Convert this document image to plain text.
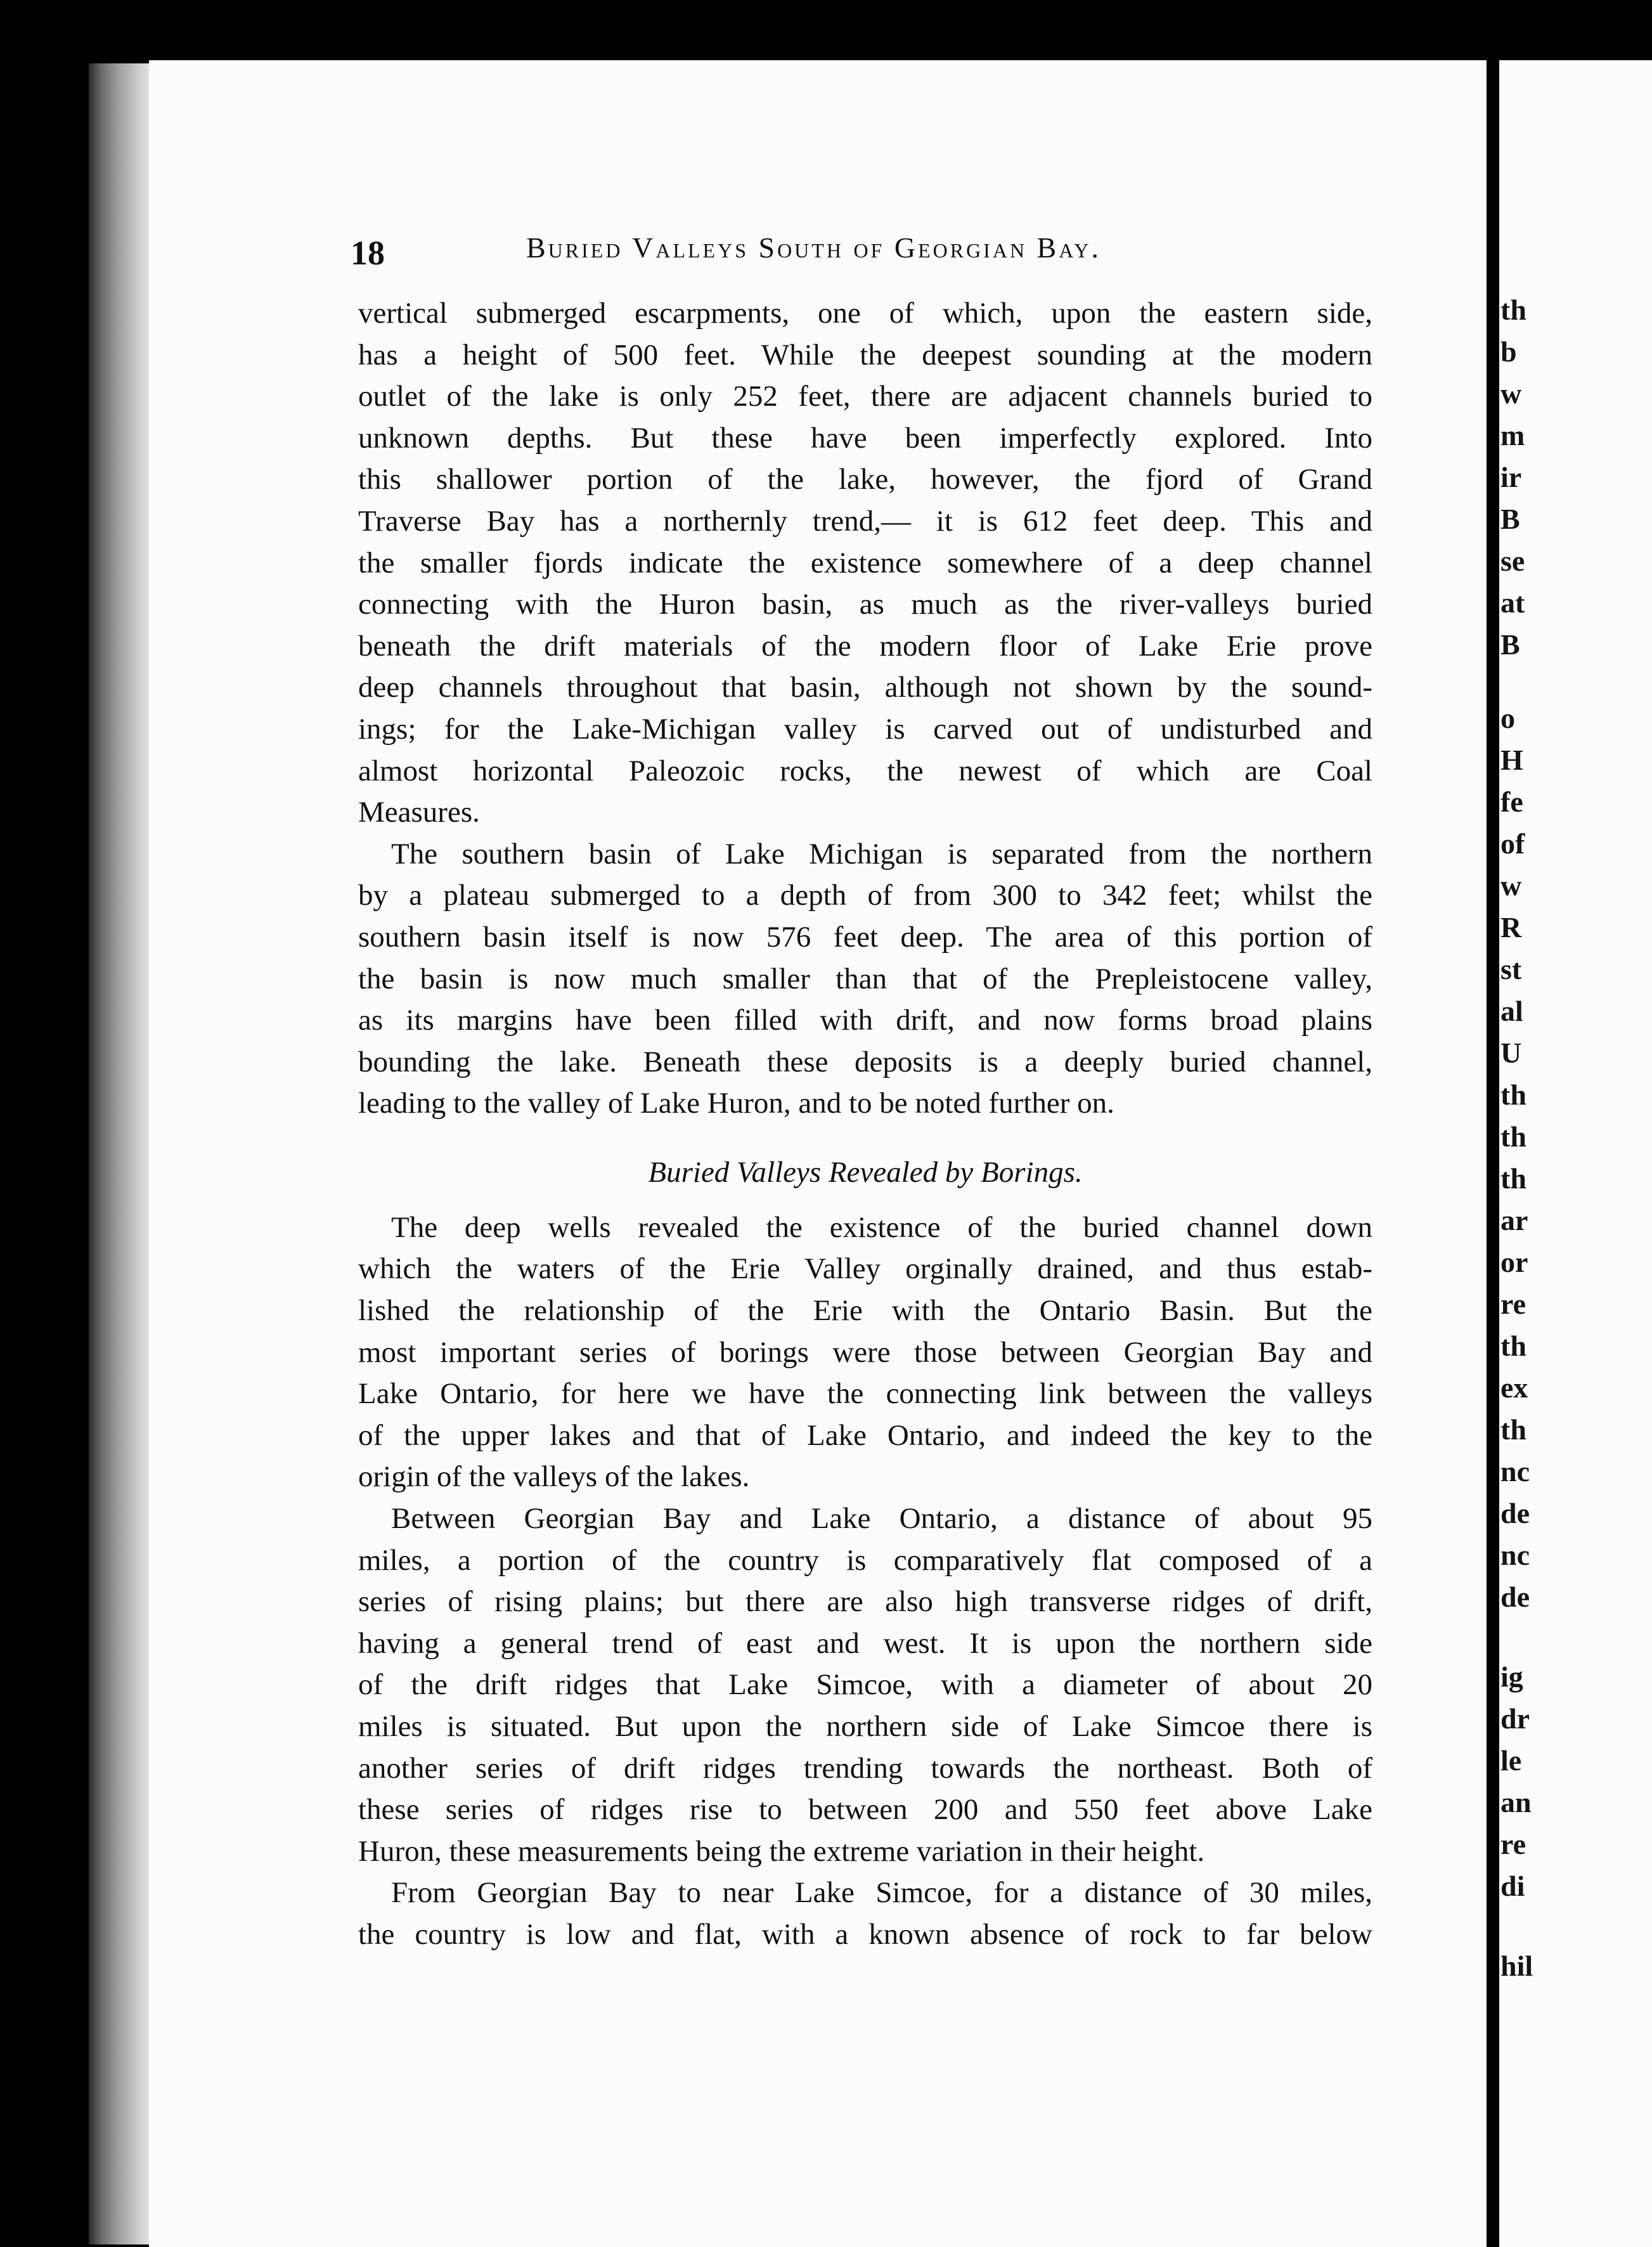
18	Buried Valleys South of Georgian Bay.
vertical submerged escarpments, one of which, upon the eastern side,
has a height of 500 feet. While the deepest sounding at the modern
outlet of the lake is only 252 feet, there are adjacent channels buried to
unknown depths. But these have been imperfectly explored. Into
this shallower portion of the lake, however, the fjord of Grand
Traverse Bay has a northernly trend,— it is 612 feet deep. This and
the smaller fjords indicate the existence somewhere of a deep channel
connecting with the Huron basin, as much as the river-valleys buried
beneath the drift materials of the modern floor of Lake Erie prove
deep channels throughout that basin, although not shown by the sound-
ings; for the Lake-Michigan valley is carved out of undisturbed and
almost horizontal Paleozoic rocks, the newest of which are Coal
Measures.
The southern basin of Lake Michigan is separated from the northern
by a plateau submerged to a depth of from 300 to 342 feet; whilst the
southern basin itself is now 576 feet deep. The area of this portion of
the basin is now much smaller than that of the Prepleistocene valley,
as its margins have been filled with drift, and now forms broad plains
bounding the lake. Beneath these deposits is a deeply buried channel,
leading to the valley of Lake Huron, and to be noted further on.
Buried Valleys Revealed by Borings.
The deep wells revealed the existence of the buried channel down
which the waters of the Erie Valley orginally drained, and thus estab-
lished the relationship of the Erie with the Ontario Basin. But the
most important series of borings were those between Georgian Bay and
Lake Ontario, for here we have the connecting link between the valleys
of the upper lakes and that of Lake Ontario, and indeed the key to the
origin of the valleys of the lakes.
Between Georgian Bay and Lake Ontario, a distance of about 95
miles, a portion of the country is comparatively flat composed of a
series of rising plains; but there are also high transverse ridges of drift,
having a general trend of east and west. It is upon the northern side
of the drift ridges that Lake Simcoe, with a diameter of about 20
miles is situated. But upon the northern side of Lake Simcoe there is
another series of drift ridges trending towards the northeast. Both of
these series of ridges rise to between 200 and 550 feet above Lake
Huron, these measurements being the extreme variation in their height.
From Georgian Bay to near Lake Simcoe, for a distance of 30 miles,
the country is low and flat, with a known absence of rock to far below
th
b
w
m
ir
B
se
at
B
o
H
fe
of
w
R
st
al
U
th
th
th
ar
or
re
th
ex
th
nc
de
nc
de
ig
dr
le
an
re
di
hil
